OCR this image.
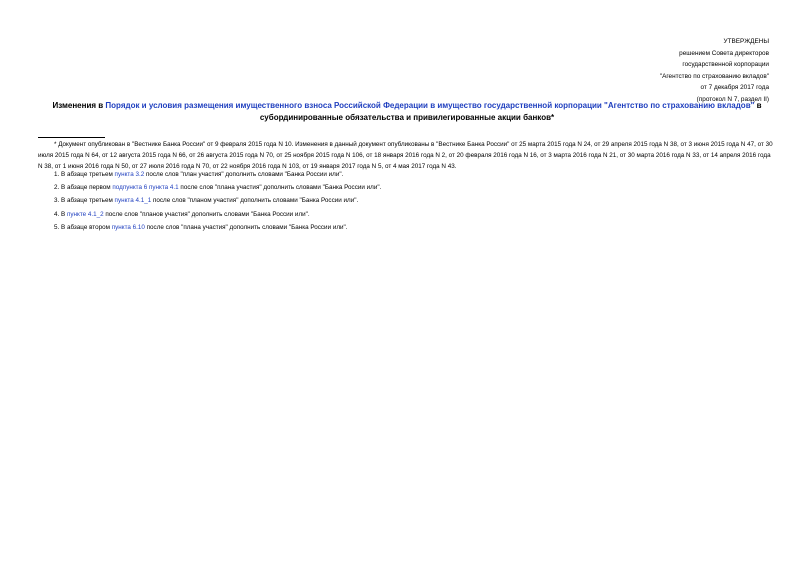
УТВЕРЖДЕНЫ
решением Совета директоров
государственной корпорации
"Агентство по страхованию вкладов"
от 7 декабря 2017 года
(протокол N 7, раздел II)
Изменения в Порядок и условия размещения имущественного взноса Российской Федерации в имущество государственной корпорации "Агентство по страхованию вкладов" в субординированные обязательства и привилегированные акции банков*
* Документ опубликован в "Вестнике Банка России" от 9 февраля 2015 года N 10. Изменения в данный документ опубликованы в "Вестнике Банка России" от 25 марта 2015 года N 24, от 29 апреля 2015 года N 38, от 3 июня 2015 года N 47, от 30 июля 2015 года N 64, от 12 августа 2015 года N 66, от 26 августа 2015 года N 70, от 25 ноября 2015 года N 106, от 18 января 2016 года N 2, от 20 февраля 2016 года N 16, от 3 марта 2016 года N 21, от 30 марта 2016 года N 33, от 14 апреля 2016 года N 38, от 1 июня 2016 года N 50, от 27 июля 2016 года N 70, от 22 ноября 2016 года N 103, от 19 января 2017 года N 5, от 4 мая 2017 года N 43.
1. В абзаце третьем пункта 3.2 после слов "план участия" дополнить словами "Банка России или".
2. В абзаце первом подпункта 6 пункта 4.1 после слов "плана участия" дополнить словами "Банка России или".
3. В абзаце третьем пункта 4.1_1 после слов "планом участия" дополнить словами "Банка России или".
4. В пункте 4.1_2 после слов "планов участия" дополнить словами "Банка России или".
5. В абзаце втором пункта 6.10 после слов "плана участия" дополнить словами "Банка России или".
